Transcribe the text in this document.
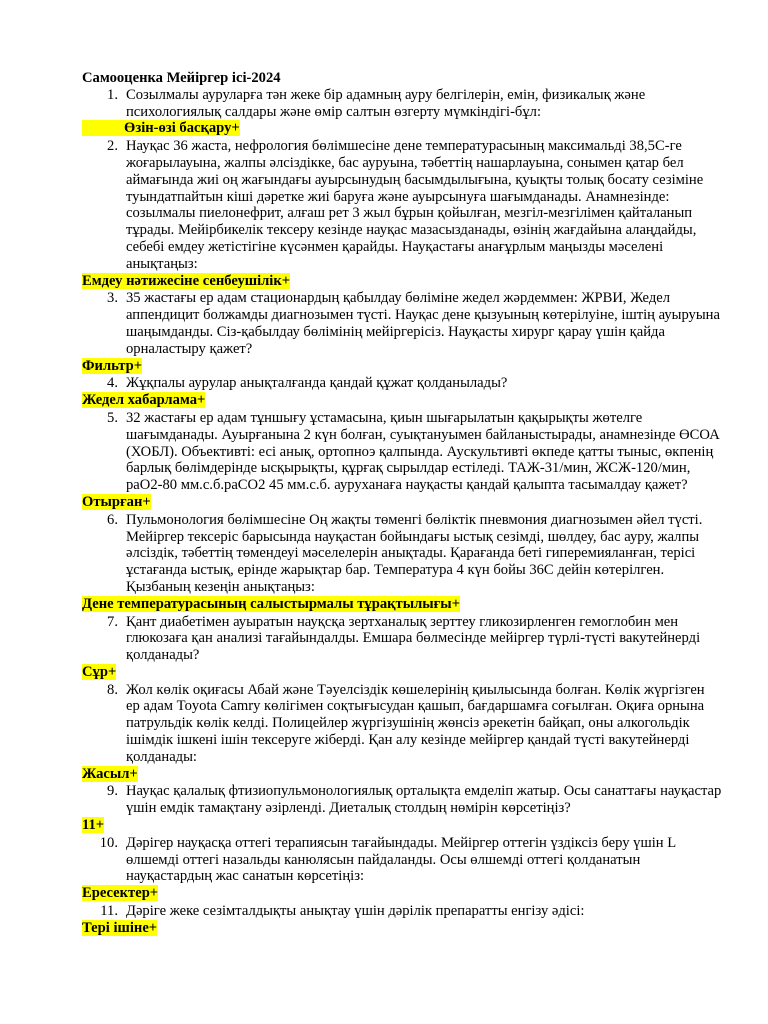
Самооценка Мейіргер ісі-2024

1. Созылмалы ауруларға тән жеке бір адамның ауру белгілерін, емін, физикалық және психологиялық салдары және өмір салтын өзгерту мүмкіндігі-бұл:

Өзін-өзі басқару+

2. Науқас 36 жаста, нефрология бөлімшесіне дене температурасының максимальді 38,5С-ге жоғарылауына, жалпы әлсіздікке, бас ауруына, тәбеттің нашарлауына, сонымен қатар бел аймағында жиі оң жағындағы ауырсынудың басымдылығына, қуықты толық босату сезіміне туындатпайтын кіші дәретке жиі баруға және ауырсынуға шағымданады. Анамнезінде: созылмалы пиелонефрит, алғаш рет 3 жыл бұрын қойылған, мезгіл-мезгілімен қайталанып тұрады. Мейірбикелік тексеру кезінде науқас мазасызданады, өзінің жағдайына алаңдайды, себебі емдеу жетістігіне күсәнмен қарайды. Науқастағы анағұрлым маңызды мәселені анықтаңыз:

Емдеу нәтижесіне сенбеушілік+

3. 35 жастағы ер адам стационардың қабылдау бөліміне жедел жәрдеммен: ЖРВИ, Жедел аппендицит болжамды диагнозымен түсті. Науқас дене қызуының көтерілуіне, іштің ауыруына шаңымданды. Сіз-қабылдау бөлімінің мейіргерісіз. Науқасты хирург қарау үшін қайда орналастыру қажет?

Фильтр+

4. Жұқпалы аурулар анықталғанда қандай құжат қолданылады?

Жедел хабарлама+

5. 32 жастағы ер адам тұншығу ұстамасына, қиын шығарылатын қақырықты жөтелге шағымданады. Ауырғанына 2 күн болған, суықтануымен байланыстырады, анамнезінде ӨСОА (ХОБЛ). Объективті: есі анық, ортопноэ қалпында. Аускультивті өкпеде қатты тыныс, өкпенің барлық бөлімдерінде ысқырықты, құрғақ сырылдар естіледі. ТАЖ-31/мин, ЖСЖ-120/мин, раО2-80 мм.с.б.раСО2 45 мм.с.б. ауруханаға науқасты қандай қалыпта тасымалдау қажет?

Отырған+

6. Пульмонология бөлімшесіне Оң жақты төменгі бөліктік пневмония диагнозымен әйел түсті. Мейіргер тексеріс барысында науқастан бойындағы ыстық сезімді, шөлдеу, бас ауру, жалпы әлсіздік, тәбеттің төмендеуі мәселелерін анықтады. Қарағанда беті гиперемияланған, терісі ұстағанда ыстық, ерінде жарықтар бар. Температура 4 күн бойы 36С дейін көтерілген. Қызбаның кезеңін анықтаңыз:

Дене температурасының салыстырмалы тұрақтылығы+

7. Қант диабетімен ауыратын науқсқа зертханалық зерттеу гликозирленген гемоглобин мен глюкозаға қан анализі тағайындалды. Емшара бөлмесінде мейіргер түрлі-түсті вакутейнерді қолданады?

Сұр+

8. Жол көлік оқиғасы Абай және Тәуелсіздік көшелерінің қиылысында болған. Көлік жүргізген ер адам Toyota Camry көлігімен соқтығысудан қашып, бағдаршамға соғылған. Оқиға орнына патрульдік көлік келді. Полицейлер жүргізушінің жөнсіз әрекетін байқап, оны алкогольдік ішімдік ішкені ішін тексеруге жіберді. Қан алу кезінде мейіргер қандай түсті вакутейнерді қолданады:

Жасыл+

9. Науқас қалалық фтизиопульмонологиялық орталықта емделіп жатыр. Осы санаттағы науқастар үшін емдік тамақтану әзірленді. Диеталық столдың нөмірін көрсетіңіз?

11+

10. Дәрігер науқасқа оттегі терапиясын тағайындады. Мейіргер оттегін үздіксіз беру үшін L өлшемді оттегі назальды канюлясын пайдаланды. Осы өлшемді оттегі қолданатын науқастардың жас санатын көрсетіңіз:

Ересектер+

11. Дәріге жеке сезімталдықты анықтау үшін дәрілік препаратты енгізу әдісі:

Тері ішіне+
